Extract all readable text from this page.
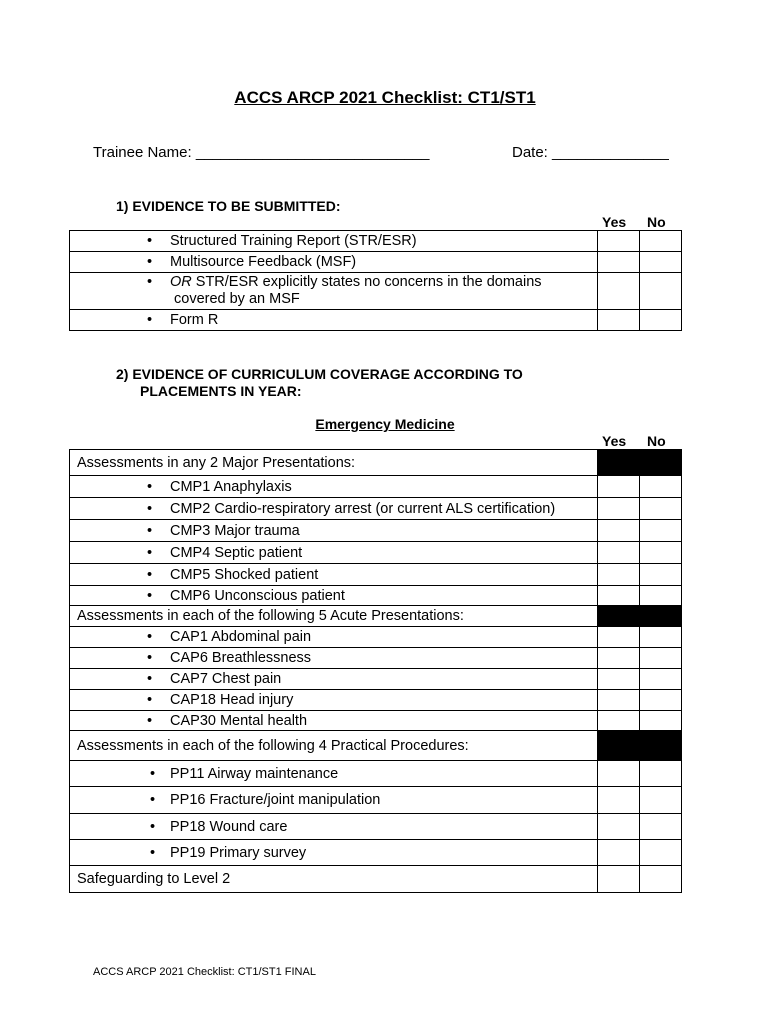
ACCS ARCP 2021 Checklist: CT1/ST1
Trainee Name: ____________________________	Date: ______________
1) EVIDENCE TO BE SUBMITTED:
Yes No
• Structured Training Report (STR/ESR)		
• Multisource Feedback (MSF)		
• OR STR/ESR explicitly states no concerns in the domains
covered by an MSF

• Form R		
2) EVIDENCE OF CURRICULUM COVERAGE ACCORDING TO
PLACEMENTS IN YEAR:
Emergency Medicine
Yes No
Assessments in any 2 Major Presentations:		
• CMP1 Anaphylaxis		
• CMP2 Cardio-respiratory arrest (or current ALS certification)		
• CMP3 Major trauma		
• CMP4 Septic patient		
• CMP5 Shocked patient		
• CMP6 Unconscious patient		
Assessments in each of the following 5 Acute Presentations:		
• CAP1 Abdominal pain		
• CAP6 Breathlessness		
• CAP7 Chest pain		
• CAP18 Head injury		
• CAP30 Mental health		
Assessments in each of the following 4 Practical Procedures:		
• PP11 Airway maintenance		
• PP16 Fracture/joint manipulation		
• PP18 Wound care		
• PP19 Primary survey		
Safeguarding to Level 2		
ACCS ARCP 2021 Checklist: CT1/ST1 FINAL
